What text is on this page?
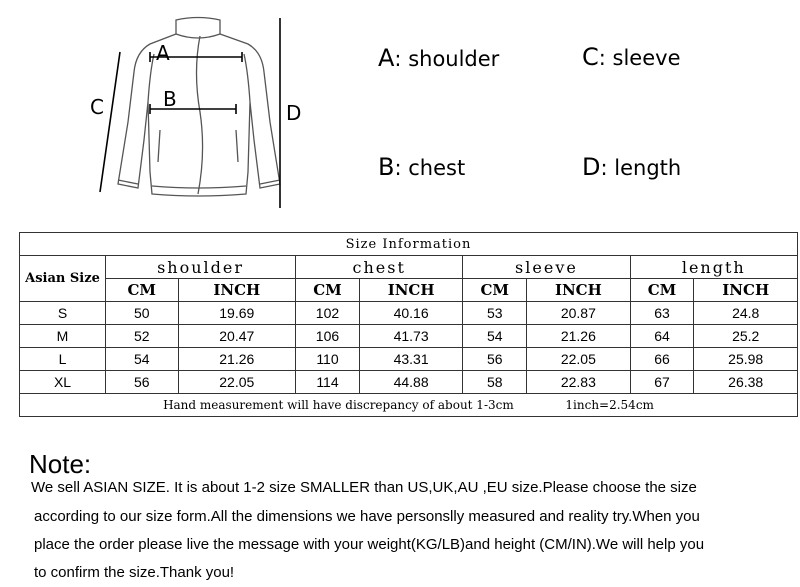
A
B
C	D
A: shoulder	C: sleeve
B: chest	D: length
Size Information								
Asian Size	shoulder		chest		sleeve		length	
	CM	INCH	CM	INCH	CM	INCH	CM	INCH
S	50	19.69	102	40.16	53	20.87	63	24.8
M	52	20.47	106	41.73	54	21.26	64	25.2
L	54	21.26	110	43.31	56	22.05	66	25.98
XL	56	22.05	114	44.88	58	22.83	67	26.38
Hand measurement will have discrepancy of about 1-3cm 1inch=2.54cm								
Note:
We sell ASIAN SIZE. It is about 1-2 size SMALLER than US,UK,AU ,EU size.Please choose the size
according to our size form.All the dimensions we have personslly measured and reality try.When you
place the order please live the message with your weight(KG/LB)and height (CM/IN).We will help you
to confirm the size.Thank you!
